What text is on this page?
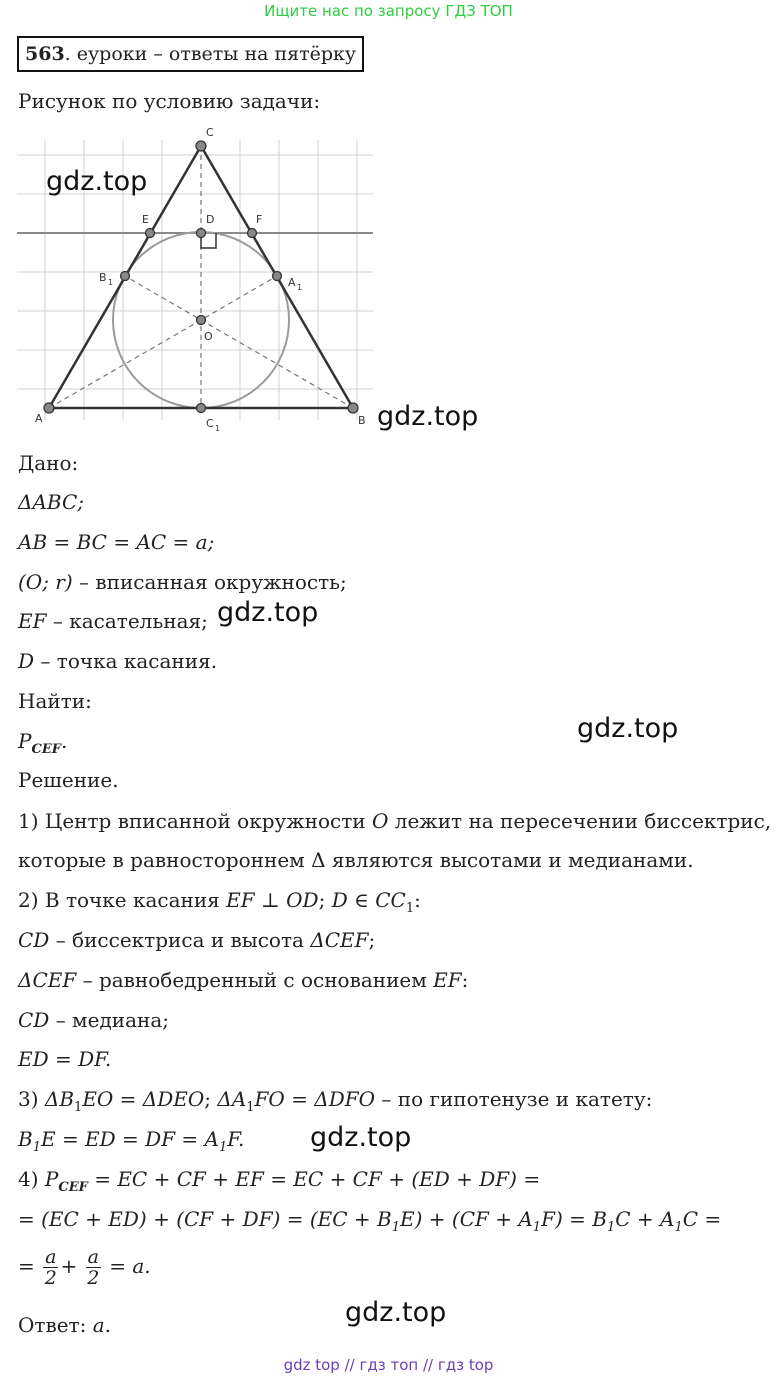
Ищите нас по запросу ГДЗ ТОП
563. еуроки – ответы на пятёрку
Рисунок по условию задачи:
C
A	B
E	D	F
B 1	A 1
O
C 1
gdz.top
gdz.top
gdz.top
gdz.top
gdz.top
gdz.top
Дано:
ΔABC;
AB = BC = AC = a;
(O; r) – вписанная окружность;
EF – касательная;
D – точка касания.
Найти:
$P_{CEF}$.
Решение.
1) Центр вписанной окружности O лежит на пересечении биссектрис,
которые в равностороннем Δ являются высотами и медианами.
2) В точке касания EF ⊥ OD; D ∈ $CC_1$:
CD – биссектриса и высота ΔCEF;
ΔCEF – равнобедренный с основанием EF:
CD – медиана;
ED = DF.
3) $\Delta B_1EO = \Delta DEO$; $\Delta A_1FO = \Delta DFO$ – по гипотенузе и катету:
$B_1E$ = ED = DF = $A_1F$.
4) $P_{CEF}$ = EC + CF + EF = EC + CF + (ED + DF) =
= $(EC + ED) + (CF + DF) = (EC + B_1E) + (CF + A_1F) = B_1C + A_1C$ =
= $\frac{a}{2} + \frac{a}{2} = a$.
Ответ: a.
gdz top // гдз топ // гдз top
